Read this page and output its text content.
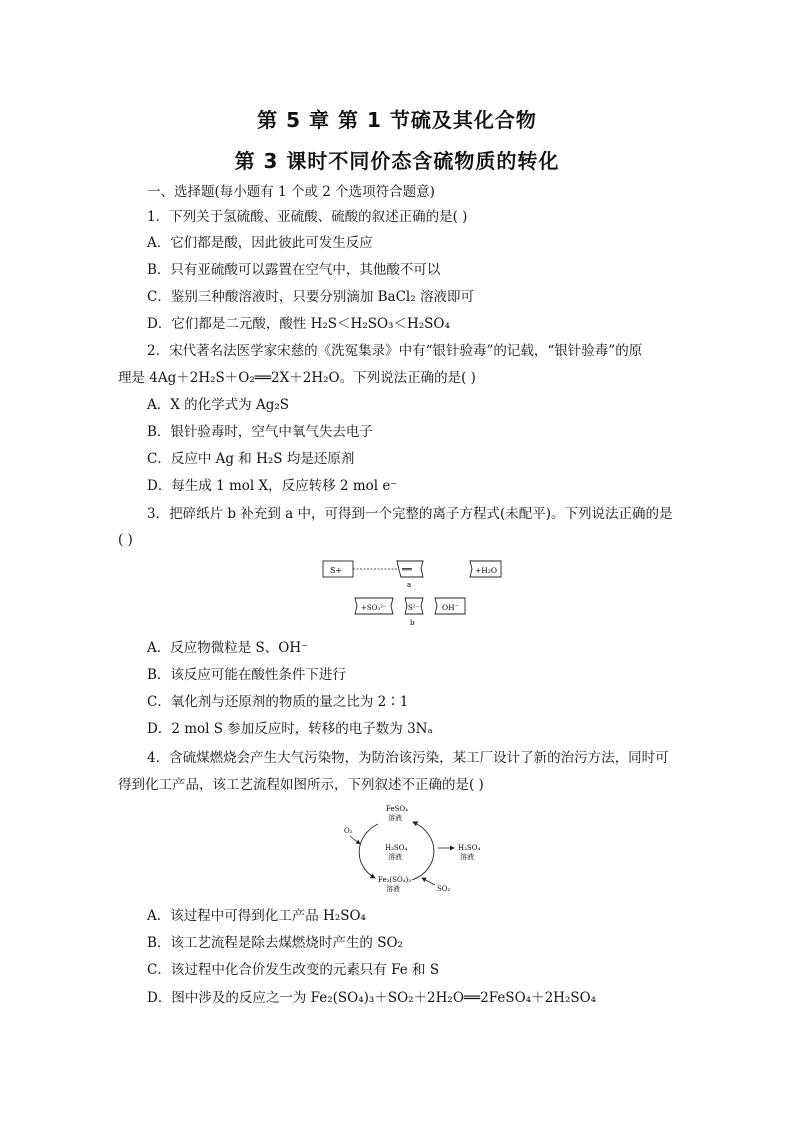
第 5 章 第 1 节硫及其化合物
第 3 课时不同价态含硫物质的转化
一、选择题(每小题有 1 个或 2 个选项符合题意)
1．下列关于氢硫酸、亚硫酸、硫酸的叙述正确的是( )
A．它们都是酸，因此彼此可发生反应
B．只有亚硫酸可以露置在空气中，其他酸不可以
C．鉴别三种酸溶液时，只要分别滴加 BaCl₂ 溶液即可
D．它们都是二元酸，酸性 H₂S＜H₂SO₃＜H₂SO₄
2．宋代著名法医学家宋慈的《洗冤集录》中有“银针验毒”的记载，“银针验毒”的原
理是 4Ag＋2H₂S＋O₂══2X＋2H₂O。下列说法正确的是( )
A．X 的化学式为 Ag₂S
B．银针验毒时，空气中氧气失去电子
C．反应中 Ag 和 H₂S 均是还原剂
D．每生成 1 mol X，反应转移 2 mol e⁻
3．把碎纸片 b 补充到 a 中，可得到一个完整的离子方程式(未配平)。下列说法正确的是
( )
S+	══
a
+H₂O
+SO₃²⁻	S²⁻
b
OH⁻
A．反应物微粒是 S、OH⁻
B．该反应可能在酸性条件下进行
C．氧化剂与还原剂的物质的量之比为 2∶1
D．2 mol S 参加反应时，转移的电子数为 3Nₐ
4．含硫煤燃烧会产生大气污染物，为防治该污染，某工厂设计了新的治污方法，同时可
得到化工产品，该工艺流程如图所示，下列叙述不正确的是( )
O₂
FeSO₄
溶液
H₂SO₄
溶液
H₂SO₄
溶液
Fe₂(SO₄)₃
溶液	SO₂
A．该过程中可得到化工产品 H₂SO₄
B．该工艺流程是除去煤燃烧时产生的 SO₂
C．该过程中化合价发生改变的元素只有 Fe 和 S
D．图中涉及的反应之一为 Fe₂(SO₄)₃＋SO₂＋2H₂O══2FeSO₄＋2H₂SO₄
